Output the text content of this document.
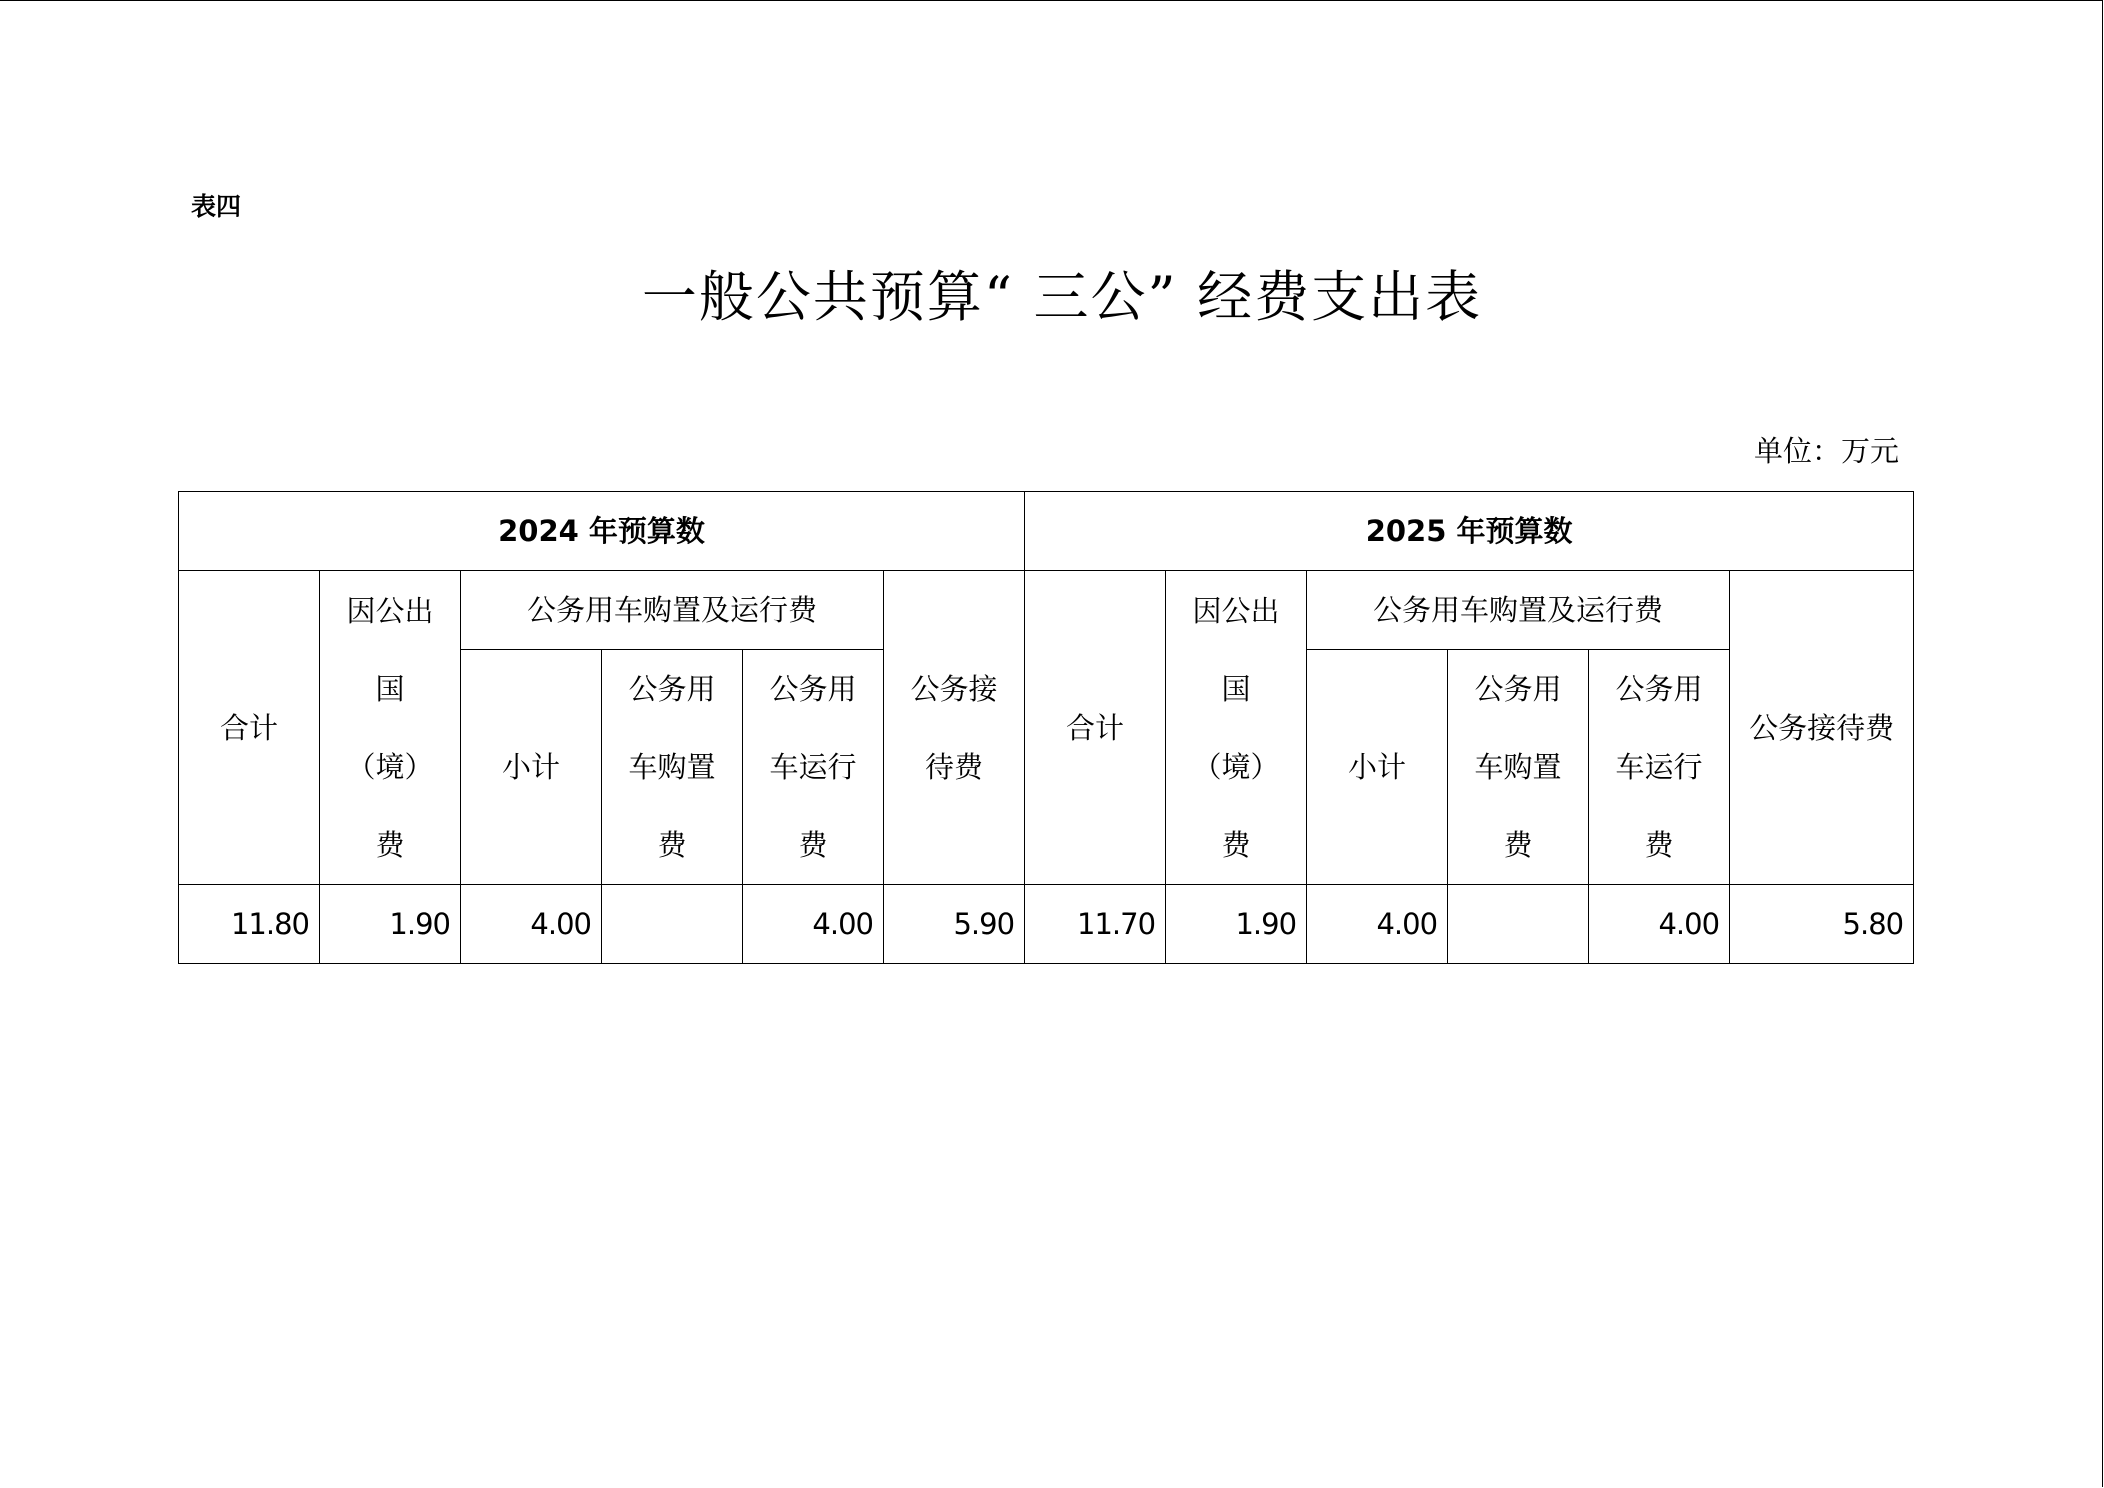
表四
一般公共预算“ 三公” 经费支出表
单位：万元
2024 年预算数						2025 年预算数					
合计	因公出国（境）费	公务用车购置及运行费			公务接待费	合计	因公出国（境）费	公务用车购置及运行费			公务接待费
		小计	公务用车购置费	公务用车运行费				小计	公务用车购置费	公务用车运行费	
11.80	1.90	4.00		4.00	5.90	11.70	1.90	4.00		4.00	5.80
